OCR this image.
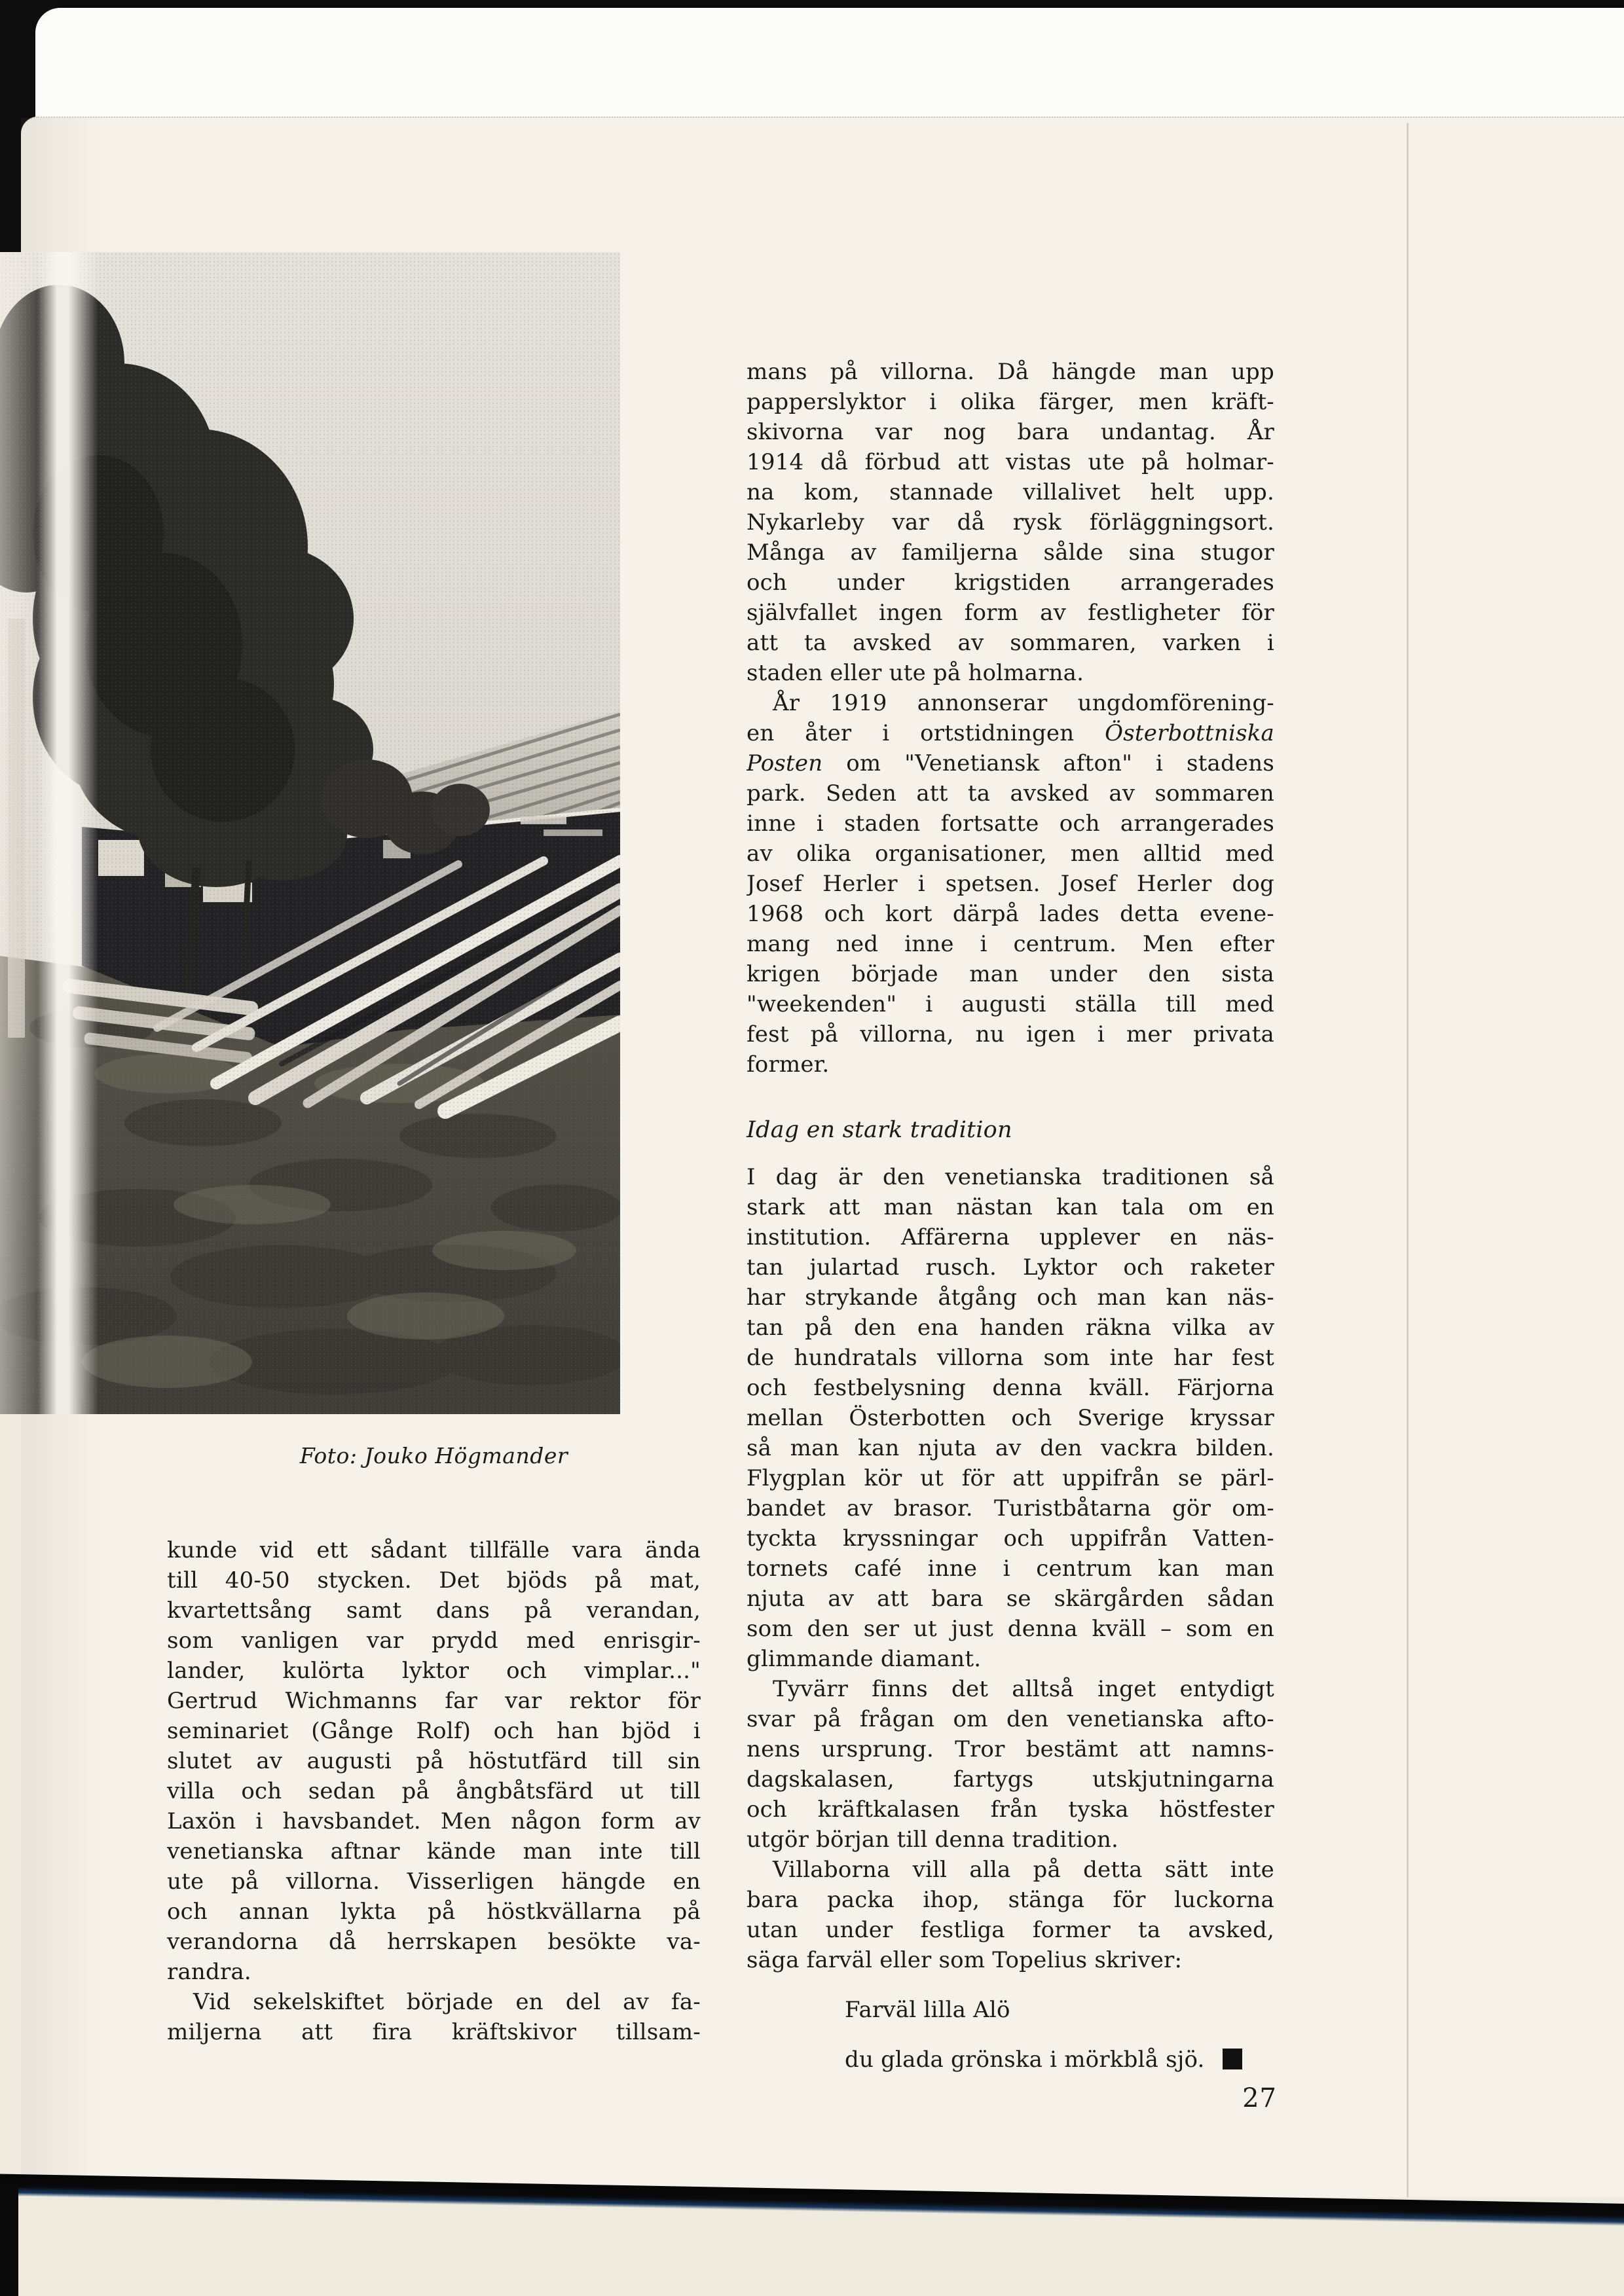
Foto: Jouko Högmander
kunde vid ett sådant tillfälle vara ända
till 40-50 stycken. Det bjöds på mat,
kvartettsång samt dans på verandan,
som vanligen var prydd med enrisgir-
lander, kulörta lyktor och vimplar..."
Gertrud Wichmanns far var rektor för
seminariet (Gånge Rolf) och han bjöd i
slutet av augusti på höstutfärd till sin
villa och sedan på ångbåtsfärd ut till
Laxön i havsbandet. Men någon form av
venetianska aftnar kände man inte till
ute på villorna. Visserligen hängde en
och annan lykta på höstkvällarna på
verandorna då herrskapen besökte va-
randra.
Vid sekelskiftet började en del av fa-
miljerna att fira kräftskivor tillsam-
mans på villorna. Då hängde man upp
papperslyktor i olika färger, men kräft-
skivorna var nog bara undantag. År
1914 då förbud att vistas ute på holmar-
na kom, stannade villalivet helt upp.
Nykarleby var då rysk förläggningsort.
Många av familjerna sålde sina stugor
och under krigstiden arrangerades
självfallet ingen form av festligheter för
att ta avsked av sommaren, varken i
staden eller ute på holmarna.
År 1919 annonserar ungdomförening-
en åter i ortstidningen Österbottniska
Posten om "Venetiansk afton" i stadens
park. Seden att ta avsked av sommaren
inne i staden fortsatte och arrangerades
av olika organisationer, men alltid med
Josef Herler i spetsen. Josef Herler dog
1968 och kort därpå lades detta evene-
mang ned inne i centrum. Men efter
krigen började man under den sista
"weekenden" i augusti ställa till med
fest på villorna, nu igen i mer privata
former.
Idag en stark tradition
I dag är den venetianska traditionen så
stark att man nästan kan tala om en
institution. Affärerna upplever en näs-
tan julartad rusch. Lyktor och raketer
har strykande åtgång och man kan näs-
tan på den ena handen räkna vilka av
de hundratals villorna som inte har fest
och festbelysning denna kväll. Färjorna
mellan Österbotten och Sverige kryssar
så man kan njuta av den vackra bilden.
Flygplan kör ut för att uppifrån se pärl-
bandet av brasor. Turistbåtarna gör om-
tyckta kryssningar och uppifrån Vatten-
tornets café inne i centrum kan man
njuta av att bara se skärgården sådan
som den ser ut just denna kväll – som en
glimmande diamant.
Tyvärr finns det alltså inget entydigt
svar på frågan om den venetianska afto-
nens ursprung. Tror bestämt att namns-
dagskalasen, fartygs utskjutningarna
och kräftkalasen från tyska höstfester
utgör början till denna tradition.
Villaborna vill alla på detta sätt inte
bara packa ihop, stänga för luckorna
utan under festliga former ta avsked,
säga farväl eller som Topelius skriver:
Farväl lilla Alö
du glada grönska i mörkblå sjö.
27
